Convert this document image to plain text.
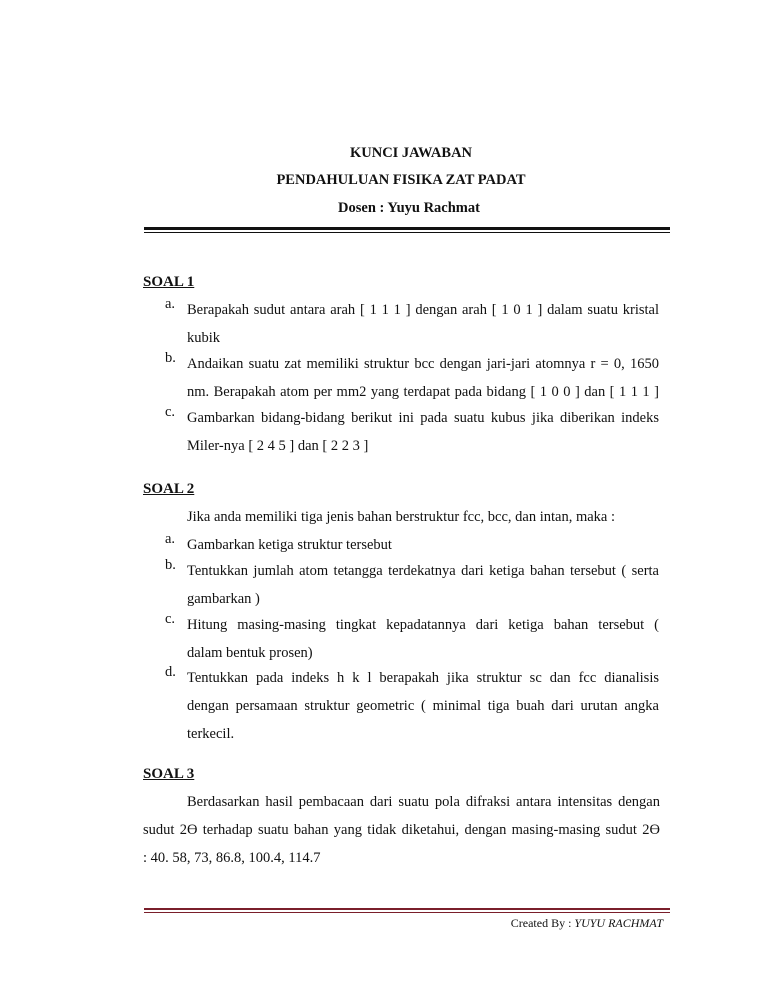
KUNCI JAWABAN
PENDAHULUAN FISIKA ZAT PADAT
Dosen : Yuyu Rachmat
SOAL 1
a. Berapakah sudut antara arah [ 1 1 1 ] dengan arah [ 1 0 1 ] dalam suatu kristal
kubik
b. Andaikan suatu zat memiliki struktur bcc dengan jari-jari atomnya r = 0, 1650
nm. Berapakah atom per mm2 yang terdapat pada bidang [ 1 0 0 ] dan [ 1 1 1 ]
c. Gambarkan bidang-bidang berikut ini pada suatu kubus jika diberikan indeks
Miler-nya [ 2 4 5 ] dan [ 2 2 3 ]
SOAL 2
Jika anda memiliki tiga jenis bahan berstruktur fcc, bcc, dan intan, maka :
a. Gambarkan ketiga struktur tersebut
b. Tentukkan jumlah atom tetangga terdekatnya dari ketiga bahan tersebut ( serta
gambarkan )
c. Hitung masing-masing tingkat kepadatannya dari ketiga bahan tersebut (
dalam bentuk prosen)
d. Tentukkan pada indeks h k l berapakah jika struktur sc dan fcc dianalisis
dengan persamaan struktur geometric ( minimal tiga buah dari urutan angka
terkecil.
SOAL 3
Berdasarkan hasil pembacaan dari suatu pola difraksi antara intensitas dengan
sudut 2ϴ terhadap suatu bahan yang tidak diketahui, dengan masing-masing sudut 2ϴ
: 40. 58, 73, 86.8, 100.4, 114.7
Created By : YUYU RACHMAT
